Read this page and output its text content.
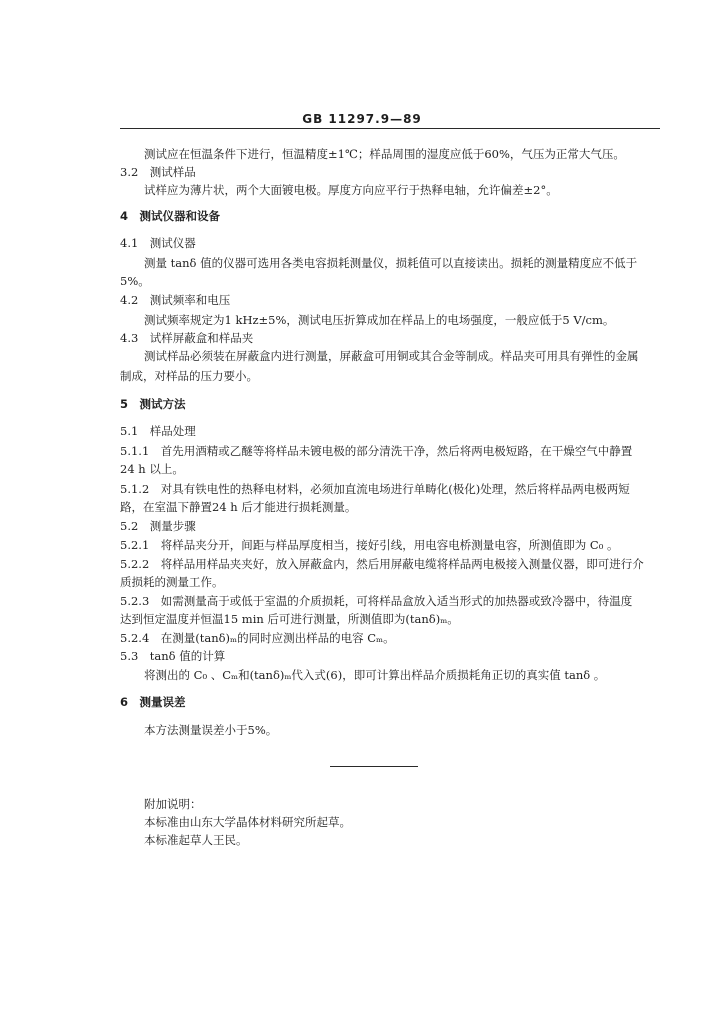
GB 11297.9—89
测试应在恒温条件下进行，恒温精度±1℃；样品周围的湿度应低于60%，气压为正常大气压。
3.2　测试样品
试样应为薄片状，两个大面镀电极。厚度方向应平行于热释电轴，允许偏差±2°。
4　测试仪器和设备
4.1　测试仪器
测量 tanδ 值的仪器可选用各类电容损耗测量仪，损耗值可以直接读出。损耗的测量精度应不低于
5%。
4.2　测试频率和电压
测试频率规定为1 kHz±5%，测试电压折算成加在样品上的电场强度，一般应低于5 V/cm。
4.3　试样屏蔽盒和样品夹
测试样品必须装在屏蔽盒内进行测量，屏蔽盒可用铜或其合金等制成。样品夹可用具有弹性的金属
制成，对样品的压力要小。
5　测试方法
5.1　样品处理
5.1.1　首先用酒精或乙醚等将样品未镀电极的部分清洗干净，然后将两电极短路，在干燥空气中静置
24 h 以上。
5.1.2　对具有铁电性的热释电材料，必须加直流电场进行单畴化(极化)处理，然后将样品两电极两短
路，在室温下静置24 h 后才能进行损耗测量。
5.2　测量步骤
5.2.1　将样品夹分开，间距与样品厚度相当，接好引线，用电容电桥测量电容，所测值即为 C₀ 。
5.2.2　将样品用样品夹夹好，放入屏蔽盒内，然后用屏蔽电缆将样品两电极接入测量仪器，即可进行介
质损耗的测量工作。
5.2.3　如需测量高于或低于室温的介质损耗，可将样品盒放入适当形式的加热器或致冷器中，待温度
达到恒定温度并恒温15 min 后可进行测量，所测值即为(tanδ)ₘ。
5.2.4　在测量(tanδ)ₘ的同时应测出样品的电容 Cₘ。
5.3　tanδ 值的计算
将测出的 C₀ 、Cₘ和(tanδ)ₘ代入式(6)，即可计算出样品介质损耗角正切的真实值 tanδ 。
6　测量误差
本方法测量误差小于5%。
附加说明：
本标准由山东大学晶体材料研究所起草。
本标准起草人王民。
